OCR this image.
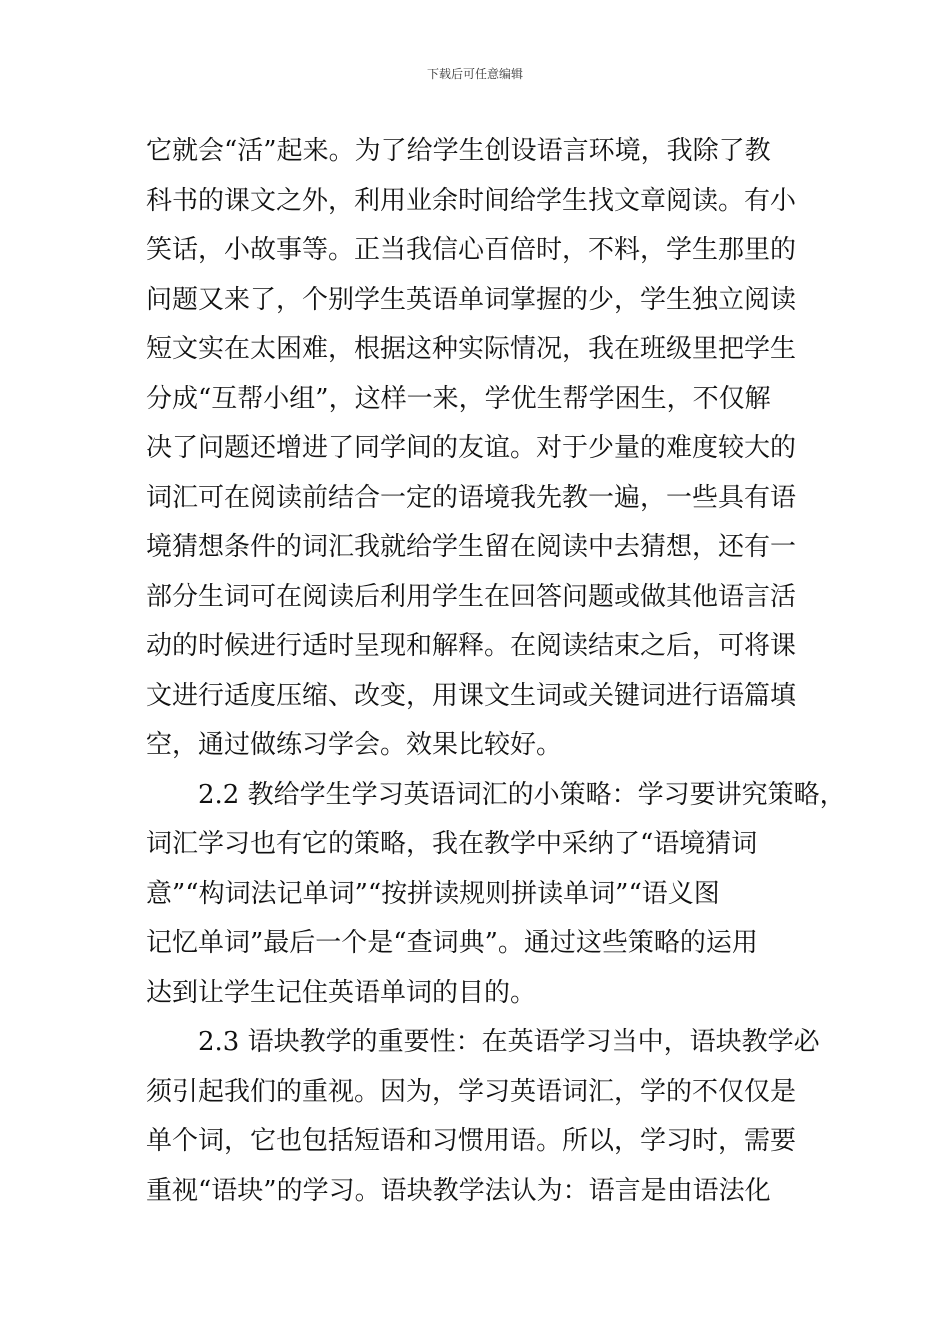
下载后可任意编辑
它就会“活”起来。为了给学生创设语言环境，我除了教
科书的课文之外，利用业余时间给学生找文章阅读。有小
笑话，小故事等。正当我信心百倍时，不料，学生那里的
问题又来了，个别学生英语单词掌握的少，学生独立阅读
短文实在太困难，根据这种实际情况，我在班级里把学生
分成“互帮小组”，这样一来，学优生帮学困生，不仅解
决了问题还增进了同学间的友谊。对于少量的难度较大的
词汇可在阅读前结合一定的语境我先教一遍，一些具有语
境猜想条件的词汇我就给学生留在阅读中去猜想，还有一
部分生词可在阅读后利用学生在回答问题或做其他语言活
动的时候进行适时呈现和解释。在阅读结束之后，可将课
文进行适度压缩、改变，用课文生词或关键词进行语篇填
空，通过做练习学会。效果比较好。
2.2 教给学生学习英语词汇的小策略：学习要讲究策略，
词汇学习也有它的策略，我在教学中采纳了“语境猜词
意”“构词法记单词”“按拼读规则拼读单词”“语义图
记忆单词”最后一个是“查词典”。通过这些策略的运用
达到让学生记住英语单词的目的。
2.3 语块教学的重要性：在英语学习当中，语块教学必
须引起我们的重视。因为，学习英语词汇，学的不仅仅是
单个词，它也包括短语和习惯用语。所以，学习时，需要
重视“语块”的学习。语块教学法认为：语言是由语法化
